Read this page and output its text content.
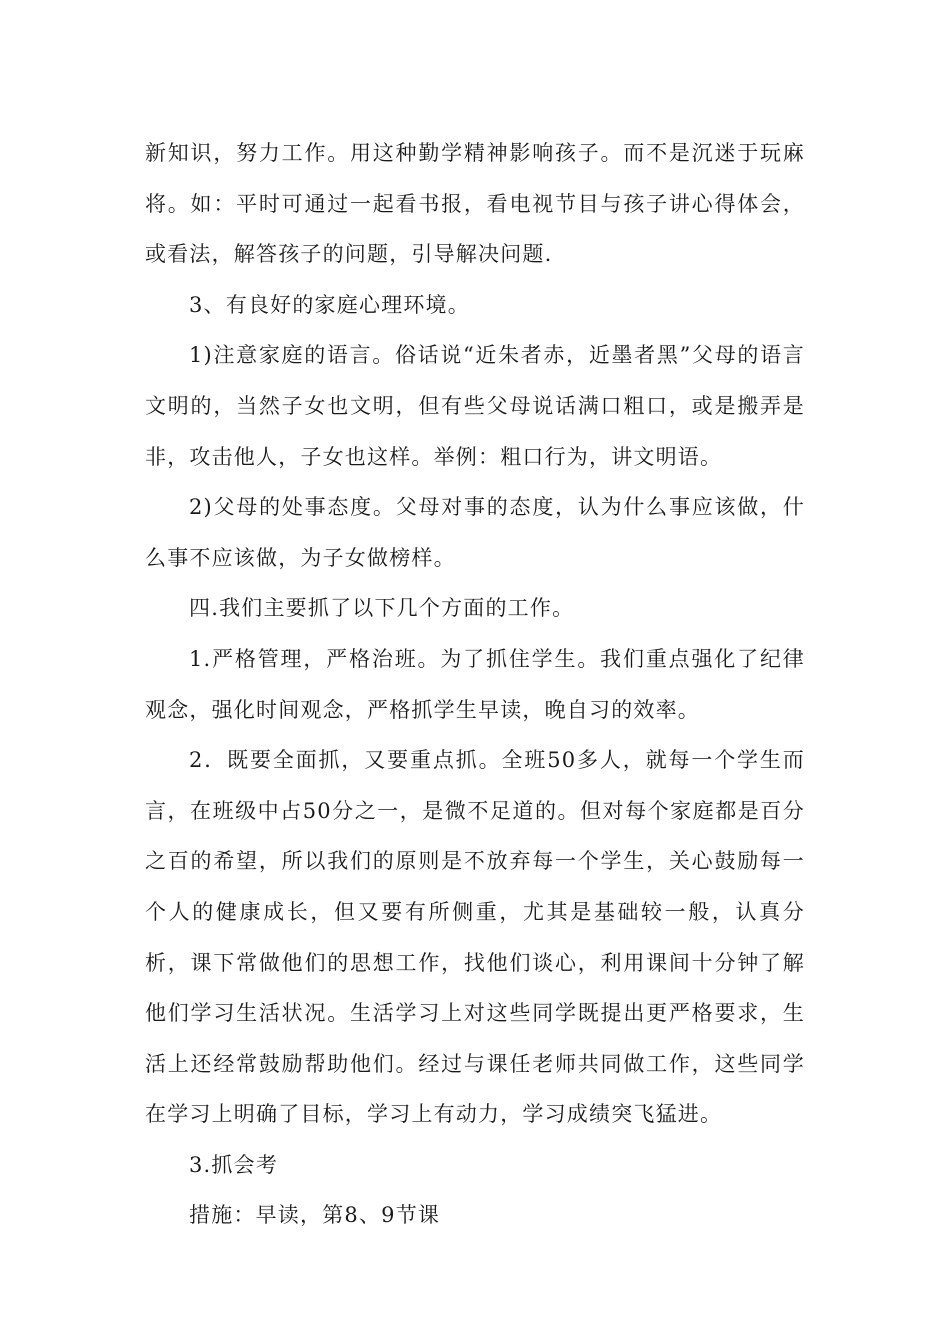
新知识，努力工作。用这种勤学精神影响孩子。而不是沉迷于玩麻将。如：平时可通过一起看书报，看电视节目与孩子讲心得体会，或看法，解答孩子的问题，引导解决问题.

3、有良好的家庭心理环境。

1)注意家庭的语言。俗话说“近朱者赤，近墨者黑”父母的语言文明的，当然子女也文明，但有些父母说话满口粗口，或是搬弄是非，攻击他人，子女也这样。举例：粗口行为，讲文明语。

2)父母的处事态度。父母对事的态度，认为什么事应该做，什么事不应该做，为子女做榜样。

四.我们主要抓了以下几个方面的工作。

1.严格管理，严格治班。为了抓住学生。我们重点强化了纪律观念，强化时间观念，严格抓学生早读，晚自习的效率。

2．既要全面抓，又要重点抓。全班50多人，就每一个学生而言，在班级中占50分之一，是微不足道的。但对每个家庭都是百分之百的希望，所以我们的原则是不放弃每一个学生，关心鼓励每一个人的健康成长，但又要有所侧重，尤其是基础较一般，认真分析，课下常做他们的思想工作，找他们谈心，利用课间十分钟了解他们学习生活状况。生活学习上对这些同学既提出更严格要求，生活上还经常鼓励帮助他们。经过与课任老师共同做工作，这些同学在学习上明确了目标，学习上有动力，学习成绩突飞猛进。

3.抓会考

措施：早读，第8、9节课
